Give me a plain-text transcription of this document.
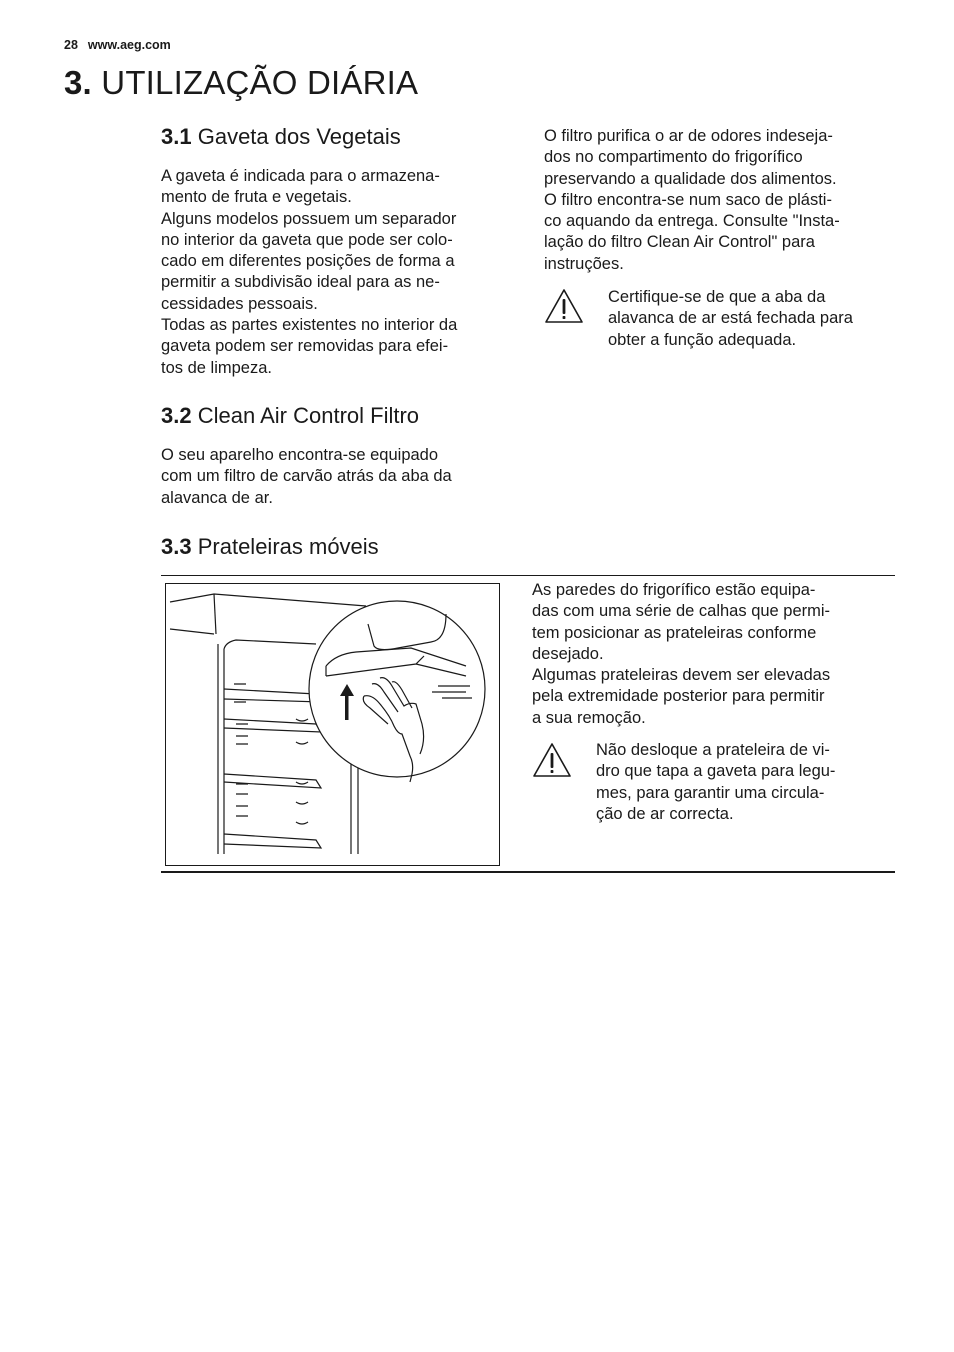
28 www.aeg.com
3. UTILIZAÇÃO DIÁRIA
3.1 Gaveta dos Vegetais

A gaveta é indicada para o armazena-
mento de fruta e vegetais.
Alguns modelos possuem um separador
no interior da gaveta que pode ser colo-
cado em diferentes posições de forma a
permitir a subdivisão ideal para as ne-
cessidades pessoais.
Todas as partes existentes no interior da
gaveta podem ser removidas para efei-
tos de limpeza.

3.2 Clean Air Control Filtro

O seu aparelho encontra-se equipado
com um filtro de carvão atrás da aba da
alavanca de ar.

O filtro purifica o ar de odores indeseja-
dos no compartimento do frigorífico
preservando a qualidade dos alimentos.
O filtro encontra-se num saco de plásti-
co aquando da entrega. Consulte "Insta-
lação do filtro Clean Air Control" para
instruções.

Certifique-se de que a aba da
alavanca de ar está fechada para
obter a função adequada.

3.3 Prateleiras móveis

As paredes do frigorífico estão equipa-
das com uma série de calhas que permi-
tem posicionar as prateleiras conforme
desejado.
Algumas prateleiras devem ser elevadas
pela extremidade posterior para permitir
a sua remoção.

Não desloque a prateleira de vi-
dro que tapa a gaveta para legu-
mes, para garantir uma circula-
ção de ar correcta.
